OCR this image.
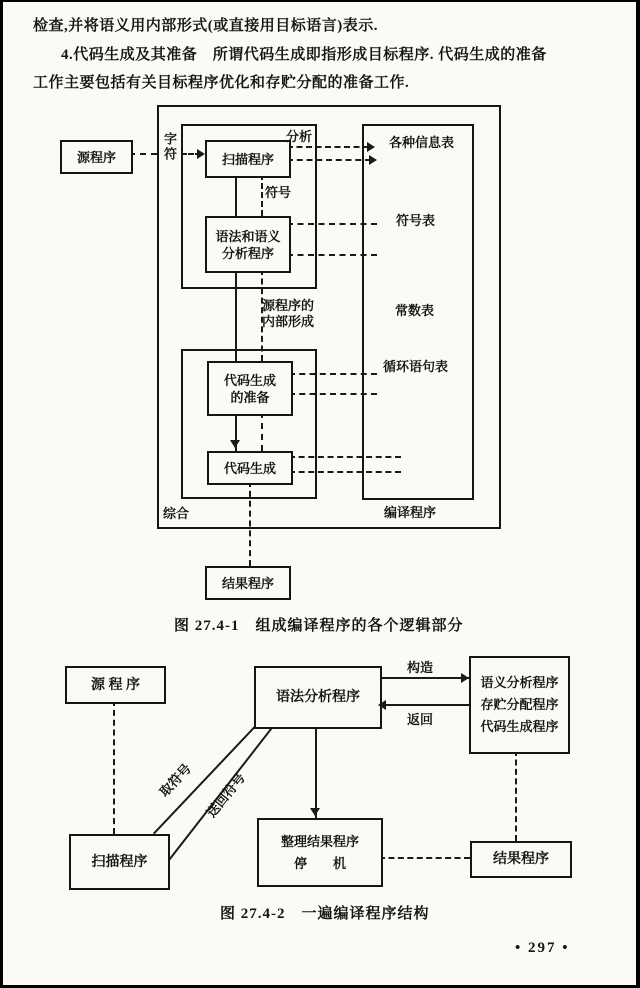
检查,并将语义用内部形式(或直接用目标语言)表示.
4.代码生成及其准备　所谓代码生成即指形成目标程序. 代码生成的准备
工作主要包括有关目标程序优化和存贮分配的准备工作.
源程序	扫描程序
语法和语义
分析程序
代码生成
的准备
代码生成
结果程序
字符	分析
符号
源程序的
内部形成
综合	编译程序
各种信息表
符号表
常数表
循环语句表
图 27.4-1　组成编译程序的各个逻辑部分
源 程 序
语法分析程序
语义分析程序
存贮分配程序
代码生成程序
扫描程序
整理结果程序
停　　机	结果程序
构造
返回
取符号 送回符号
图 27.4-2　一遍编译程序结构
• 297 •
